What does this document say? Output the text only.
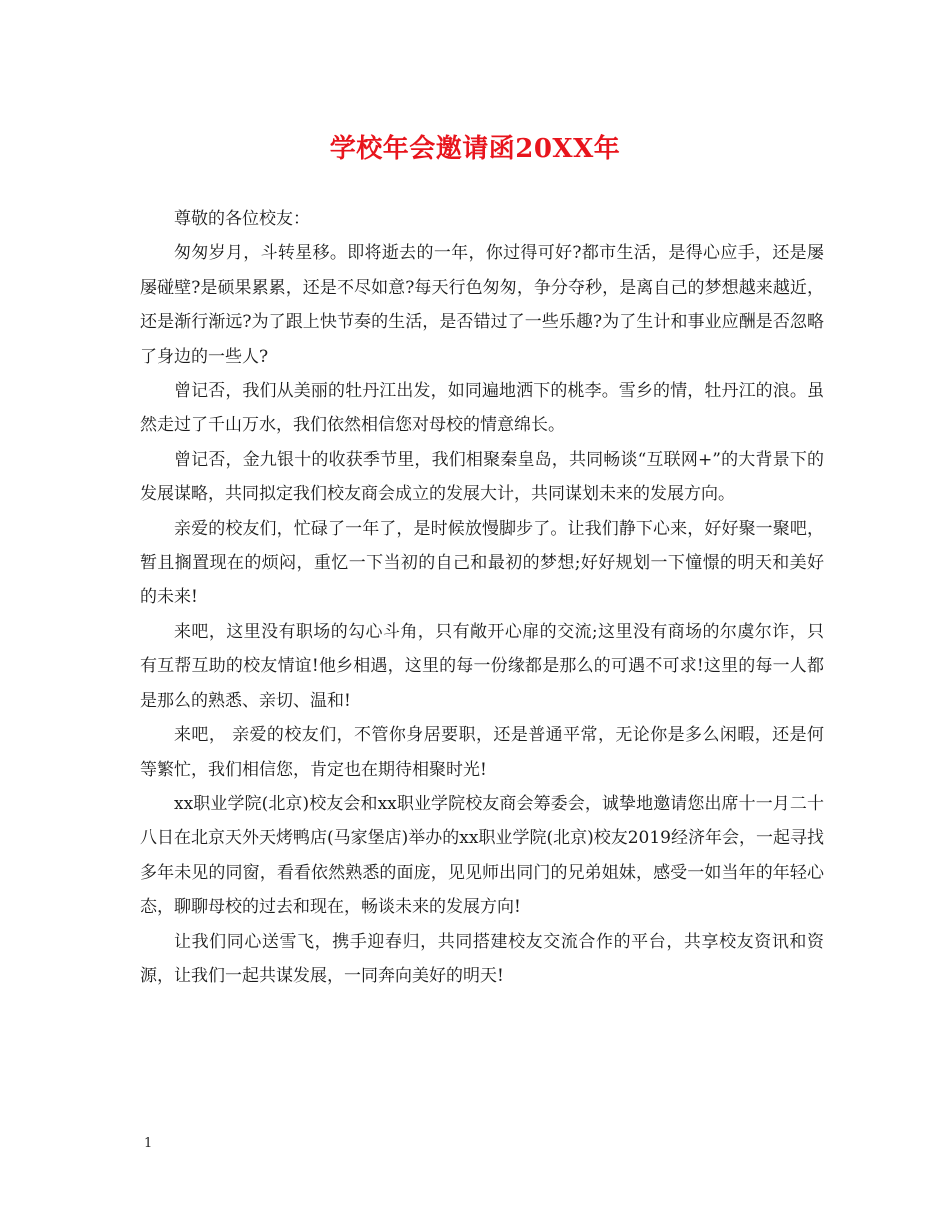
学校年会邀请函20XX年

尊敬的各位校友：

匆匆岁月，斗转星移。即将逝去的一年，你过得可好?都市生活，是得心应手，还是屡屡碰壁?是硕果累累，还是不尽如意?每天行色匆匆，争分夺秒，是离自己的梦想越来越近，还是渐行渐远?为了跟上快节奏的生活，是否错过了一些乐趣?为了生计和事业应酬是否忽略了身边的一些人?

曾记否，我们从美丽的牡丹江出发，如同遍地洒下的桃李。雪乡的情，牡丹江的浪。虽然走过了千山万水，我们依然相信您对母校的情意绵长。

曾记否，金九银十的收获季节里，我们相聚秦皇岛，共同畅谈“互联网+”的大背景下的发展谋略，共同拟定我们校友商会成立的发展大计，共同谋划未来的发展方向。

亲爱的校友们，忙碌了一年了，是时候放慢脚步了。让我们静下心来，好好聚一聚吧，暂且搁置现在的烦闷，重忆一下当初的自己和最初的梦想;好好规划一下憧憬的明天和美好的未来!

来吧，这里没有职场的勾心斗角，只有敞开心扉的交流;这里没有商场的尔虞尔诈，只有互帮互助的校友情谊!他乡相遇，这里的每一份缘都是那么的可遇不可求!这里的每一人都是那么的熟悉、亲切、温和!

来吧， 亲爱的校友们，不管你身居要职，还是普通平常，无论你是多么闲暇，还是何等繁忙，我们相信您，肯定也在期待相聚时光!

xx职业学院(北京)校友会和xx职业学院校友商会筹委会，诚挚地邀请您出席十一月二十八日在北京天外天烤鸭店(马家堡店)举办的xx职业学院(北京)校友2019经济年会，一起寻找多年未见的同窗，看看依然熟悉的面庞，见见师出同门的兄弟姐妹，感受一如当年的年轻心态，聊聊母校的过去和现在，畅谈未来的发展方向!

让我们同心送雪飞，携手迎春归，共同搭建校友交流合作的平台，共享校友资讯和资源，让我们一起共谋发展，一同奔向美好的明天!

1
